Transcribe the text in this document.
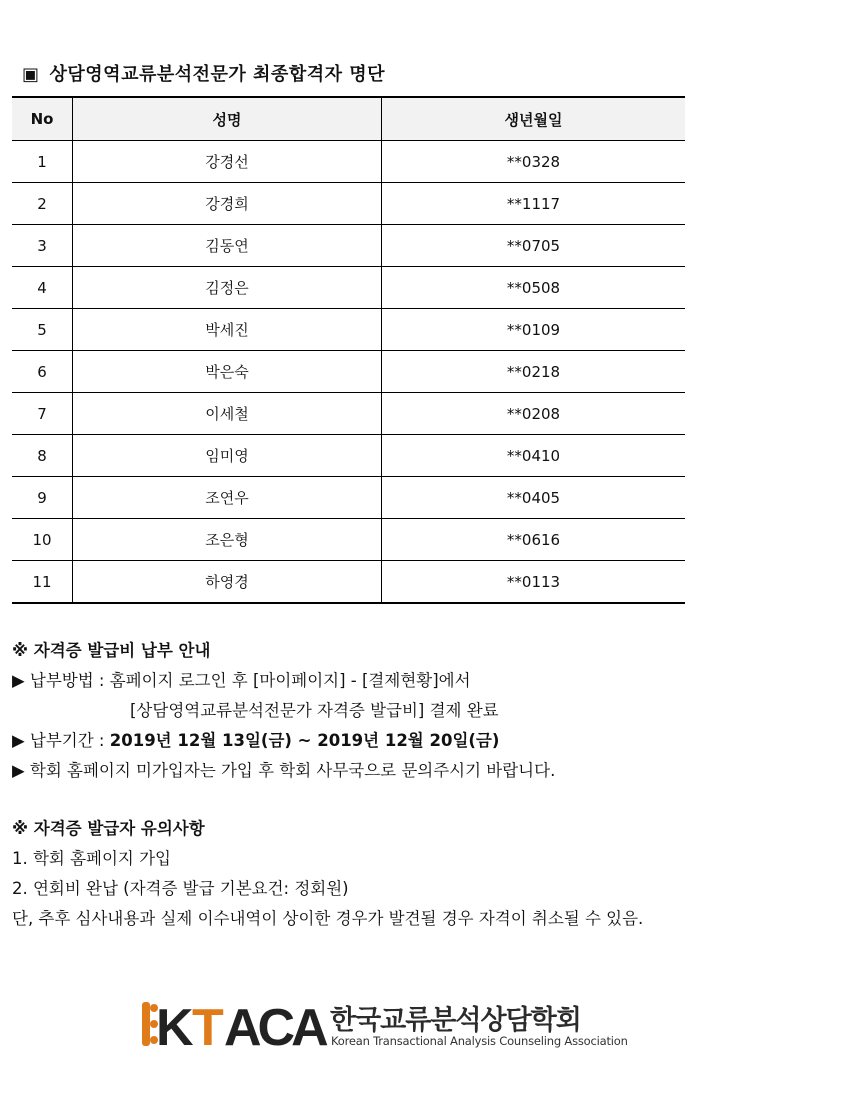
▣ 상담영역교류분석전문가 최종합격자 명단
No	성명	생년월일
1	강경선	**0328
2	강경희	**1117
3	김동연	**0705
4	김정은	**0508
5	박세진	**0109
6	박은숙	**0218
7	이세철	**0208
8	임미영	**0410
9	조연우	**0405
10	조은형	**0616
11	하영경	**0113
※ 자격증 발급비 납부 안내
▶ 납부방법 : 홈페이지 로그인 후 [마이페이지] - [결제현황]에서
[상담영역교류분석전문가 자격증 발급비] 결제 완료
▶ 납부기간 : 2019년 12월 13일(금) ~ 2019년 12월 20일(금)
▶ 학회 홈페이지 미가입자는 가입 후 학회 사무국으로 문의주시기 바랍니다.
※ 자격증 발급자 유의사항
1. 학회 홈페이지 가입
2. 연회비 완납 (자격증 발급 기본요건: 정회원)
단, 추후 심사내용과 실제 이수내역이 상이한 경우가 발견될 경우 자격이 취소될 수 있음.
K T ACA 한국교류분석상담학회
Korean Transactional Analysis Counseling Association
